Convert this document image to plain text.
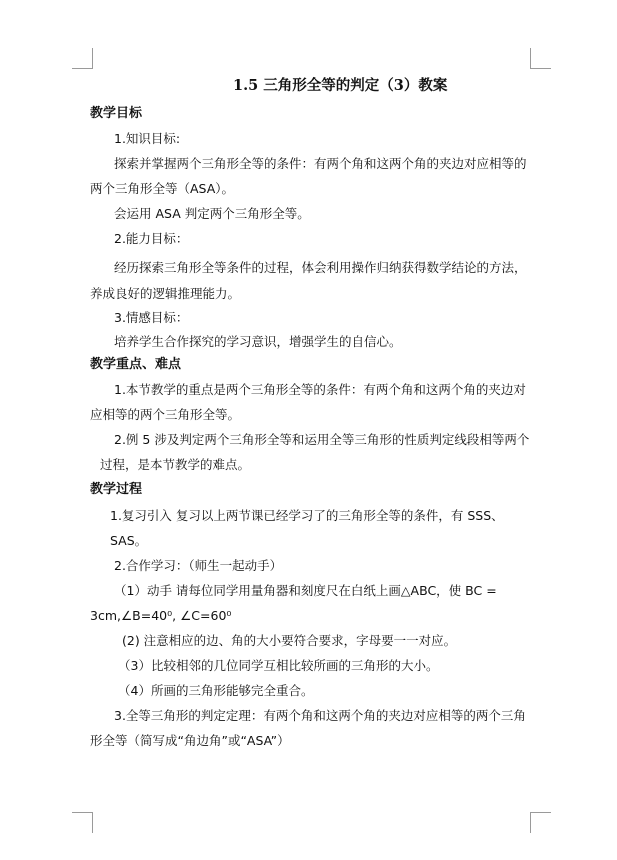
1.5 三角形全等的判定（3）教案
教学目标
1.知识目标:
探索并掌握两个三角形全等的条件：有两个角和这两个角的夹边对应相等的
两个三角形全等（ASA）。
会运用 ASA 判定两个三角形全等。
2.能力目标：
经历探索三角形全等条件的过程，体会利用操作归纳获得数学结论的方法，
养成良好的逻辑推理能力。
3.情感目标：
培养学生合作探究的学习意识，增强学生的自信心。
教学重点、难点
1.本节教学的重点是两个三角形全等的条件：有两个角和这两个角的夹边对
应相等的两个三角形全等。
2.例 5 涉及判定两个三角形全等和运用全等三角形的性质判定线段相等两个
过程，是本节教学的难点。
教学过程
1.复习引入 复习以上两节课已经学习了的三角形全等的条件，有 SSS、
SAS。
2.合作学习：（师生一起动手）
（1）动手 请每位同学用量角器和刻度尺在白纸上画△ABC，使 BC =
3cm,∠B=40⁰, ∠C=60⁰
(2) 注意相应的边、角的大小要符合要求，字母要一一对应。
（3）比较相邻的几位同学互相比较所画的三角形的大小。
（4）所画的三角形能够完全重合。
3.全等三角形的判定定理：有两个角和这两个角的夹边对应相等的两个三角
形全等（简写成“角边角”或“ASA”）
